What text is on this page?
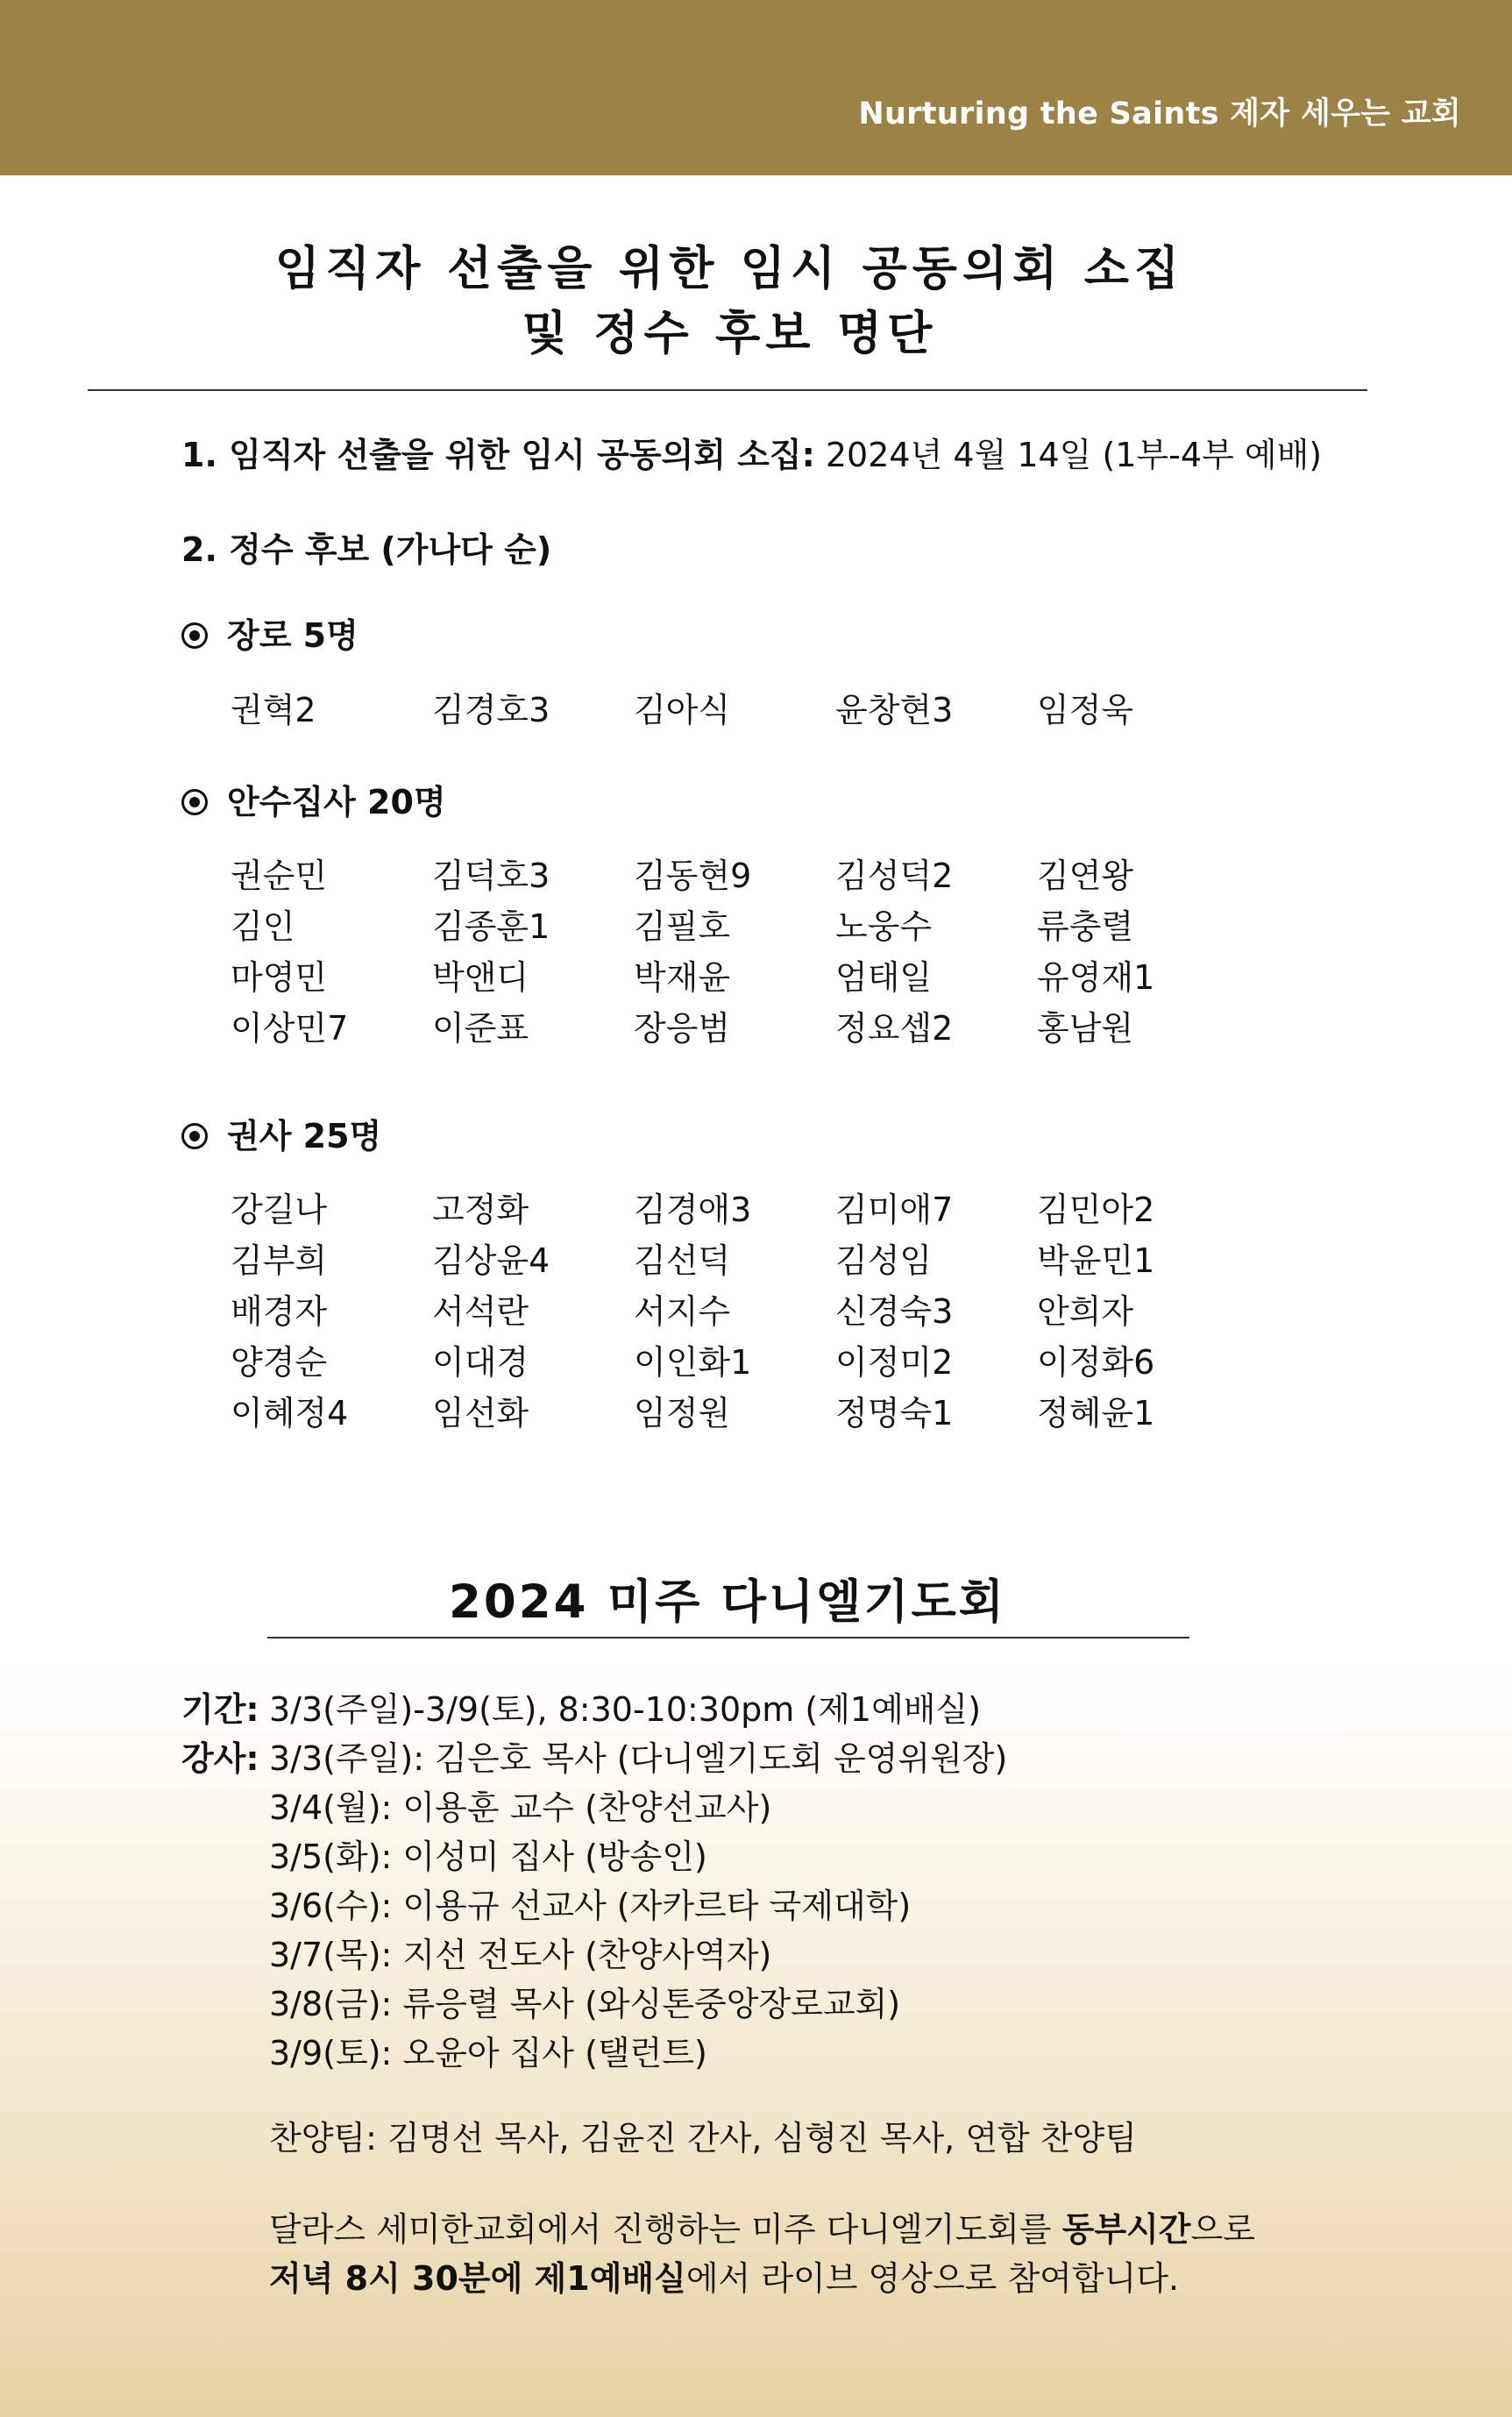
Nurturing the Saints 제자 세우는 교회
임직자 선출을 위한 임시 공동의회 소집
및 정수 후보 명단
1. 임직자 선출을 위한 임시 공동의회 소집: 2024년 4월 14일 (1부-4부 예배)
2. 정수 후보 (가나다 순)
장로 5명
권혁2	김경호3	김아식	윤창현3	임정욱
안수집사 20명
권순민	김덕호3	김동현9	김성덕2	김연왕
김인	김종훈1	김필호	노웅수	류충렬
마영민	박앤디	박재윤	엄태일	유영재1
이상민7	이준표	장응범	정요셉2	홍남원
권사 25명
강길나	고정화	김경애3	김미애7	김민아2
김부희	김상윤4	김선덕	김성임	박윤민1
배경자	서석란	서지수	신경숙3	안희자
양경순	이대경	이인화1	이정미2	이정화6
이혜정4	임선화	임정원	정명숙1	정혜윤1
2024 미주 다니엘기도회
기간: 3/3(주일)-3/9(토), 8:30-10:30pm (제1예배실)
강사: 3/3(주일): 김은호 목사 (다니엘기도회 운영위원장)
3/4(월): 이용훈 교수 (찬양선교사)
3/5(화): 이성미 집사 (방송인)
3/6(수): 이용규 선교사 (자카르타 국제대학)
3/7(목): 지선 전도사 (찬양사역자)
3/8(금): 류응렬 목사 (와싱톤중앙장로교회)
3/9(토): 오윤아 집사 (탤런트)
찬양팀: 김명선 목사, 김윤진 간사, 심형진 목사, 연합 찬양팀
달라스 세미한교회에서 진행하는 미주 다니엘기도회를 동부시간으로
저녁 8시 30분에 제1예배실에서 라이브 영상으로 참여합니다.
